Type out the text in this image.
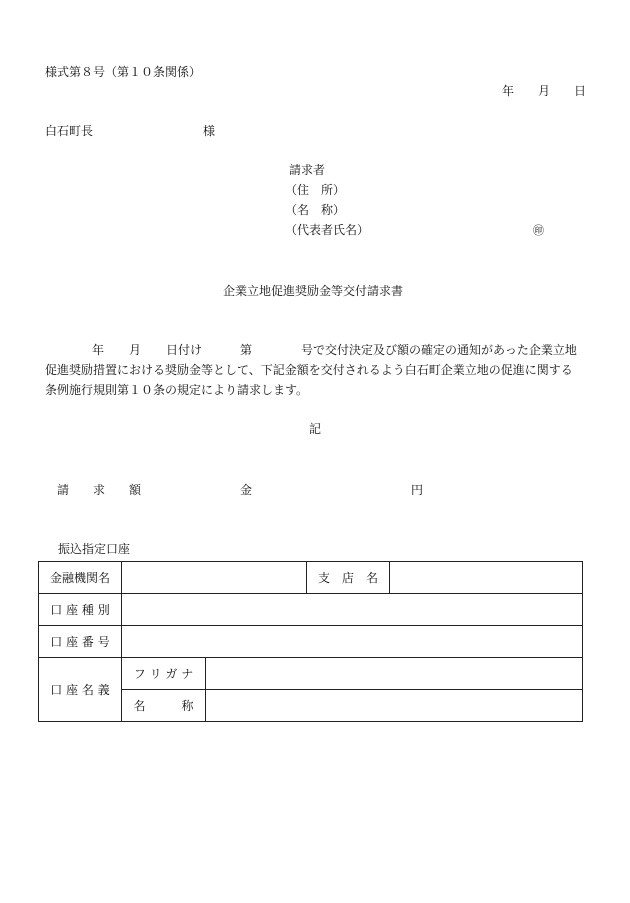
様式第８号（第１０条関係）
年 月 日
白石町長	様
請求者
（住　所）
（名　称）
（代表者氏名）	㊞
企業立地促進奨励金等交付請求書
年 月 日付け	第	号で交付決定及び額の確定の通知があった企業立地
促進奨励措置における奨励金等として、下記金額を交付されるよう白石町企業立地の促進に関する
条例施行規則第１０条の規定により請求します。
記
請　　求　　額	金	円
振込指定口座
金融機関名			支　店　名	
口 座 種 別				
口 座 番 号				
口 座 名 義	フ リ ガ ナ			
	名　　　称			
